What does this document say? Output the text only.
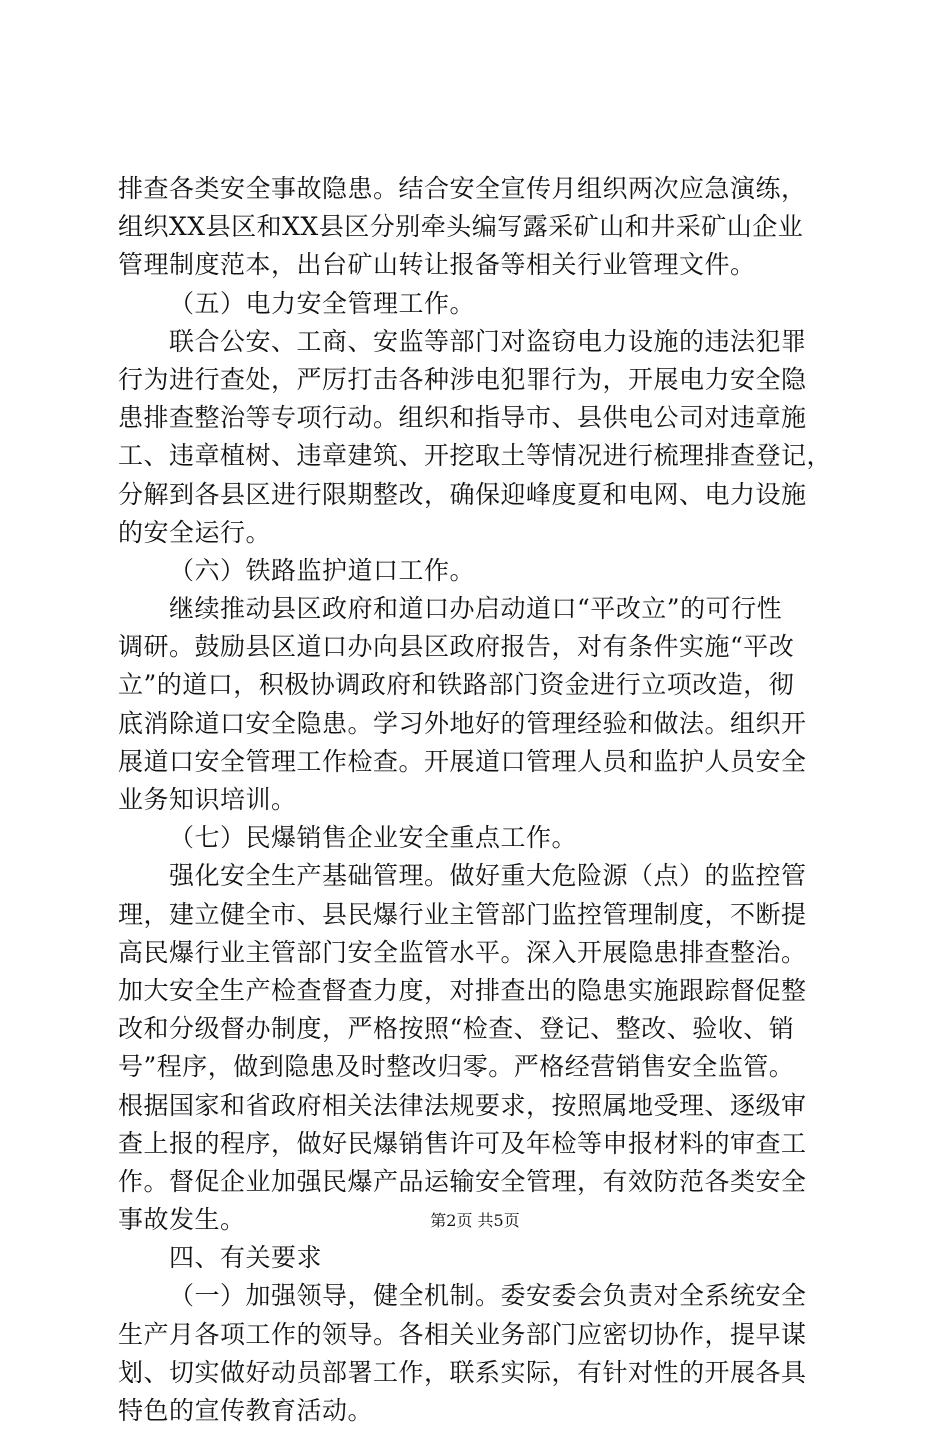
排查各类安全事故隐患。结合安全宣传月组织两次应急演练，
组织XX县区和XX县区分别牵头编写露采矿山和井采矿山企业
管理制度范本，出台矿山转让报备等相关行业管理文件。
（五）电力安全管理工作。
联合公安、工商、安监等部门对盗窃电力设施的违法犯罪
行为进行查处，严厉打击各种涉电犯罪行为，开展电力安全隐
患排查整治等专项行动。组织和指导市、县供电公司对违章施
工、违章植树、违章建筑、开挖取土等情况进行梳理排查登记，
分解到各县区进行限期整改，确保迎峰度夏和电网、电力设施
的安全运行。
（六）铁路监护道口工作。
继续推动县区政府和道口办启动道口“平改立”的可行性
调研。鼓励县区道口办向县区政府报告，对有条件实施“平改
立”的道口，积极协调政府和铁路部门资金进行立项改造，彻
底消除道口安全隐患。学习外地好的管理经验和做法。组织开
展道口安全管理工作检查。开展道口管理人员和监护人员安全
业务知识培训。
（七）民爆销售企业安全重点工作。
强化安全生产基础管理。做好重大危险源（点）的监控管
理，建立健全市、县民爆行业主管部门监控管理制度，不断提
高民爆行业主管部门安全监管水平。深入开展隐患排查整治。
加大安全生产检查督查力度，对排查出的隐患实施跟踪督促整
改和分级督办制度，严格按照“检查、登记、整改、验收、销
号”程序，做到隐患及时整改归零。严格经营销售安全监管。
根据国家和省政府相关法律法规要求，按照属地受理、逐级审
查上报的程序，做好民爆销售许可及年检等申报材料的审查工
作。督促企业加强民爆产品运输安全管理，有效防范各类安全
事故发生。
四、有关要求
（一）加强领导，健全机制。委安委会负责对全系统安全
生产月各项工作的领导。各相关业务部门应密切协作，提早谋
划、切实做好动员部署工作，联系实际，有针对性的开展各具
特色的宣传教育活动。
第2页 共5页
